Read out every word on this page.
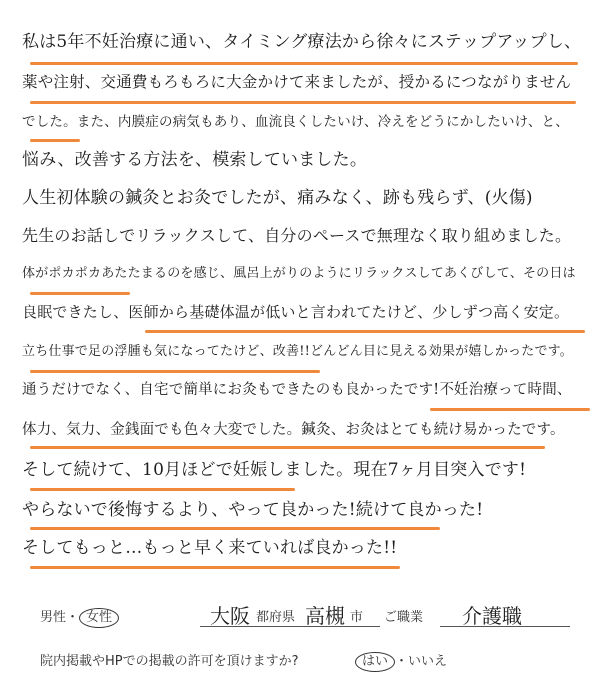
私は5年不妊治療に通い、タイミング療法から徐々にステップアップし、
薬や注射、交通費もろもろに大金かけて来ましたが、授かるにつながりません
でした。また、内膜症の病気もあり、血流良くしたいけ、冷えをどうにかしたいけ、と、
悩み、改善する方法を、模索していました。
人生初体験の鍼灸とお灸でしたが、痛みなく、跡も残らず、(火傷)
先生のお話しでリラックスして、自分のペースで無理なく取り組めました。
体がポカポカあたたまるのを感じ、風呂上がりのようにリラックスしてあくびして、その日は
良眠できたし、医師から基礎体温が低いと言われてたけど、少しずつ高く安定。
立ち仕事で足の浮腫も気になってたけど、改善!!どんどん目に見える効果が嬉しかったです。
通うだけでなく、自宅で簡単にお灸もできたのも良かったです!不妊治療って時間、
体力、気力、金銭面でも色々大変でした。鍼灸、お灸はとても続け易かったです。
そして続けて、10月ほどで妊娠しました。現在7ヶ月目突入です!
やらないで後悔するより、やって良かった!続けて良かった!
そしてもっと…もっと早く来ていれば良かった!!
男性・ 女性	大阪 都府県 高槻 市 ご職業 介護職
院内掲載やHPでの掲載の許可を頂けますか?	はい ・いいえ
